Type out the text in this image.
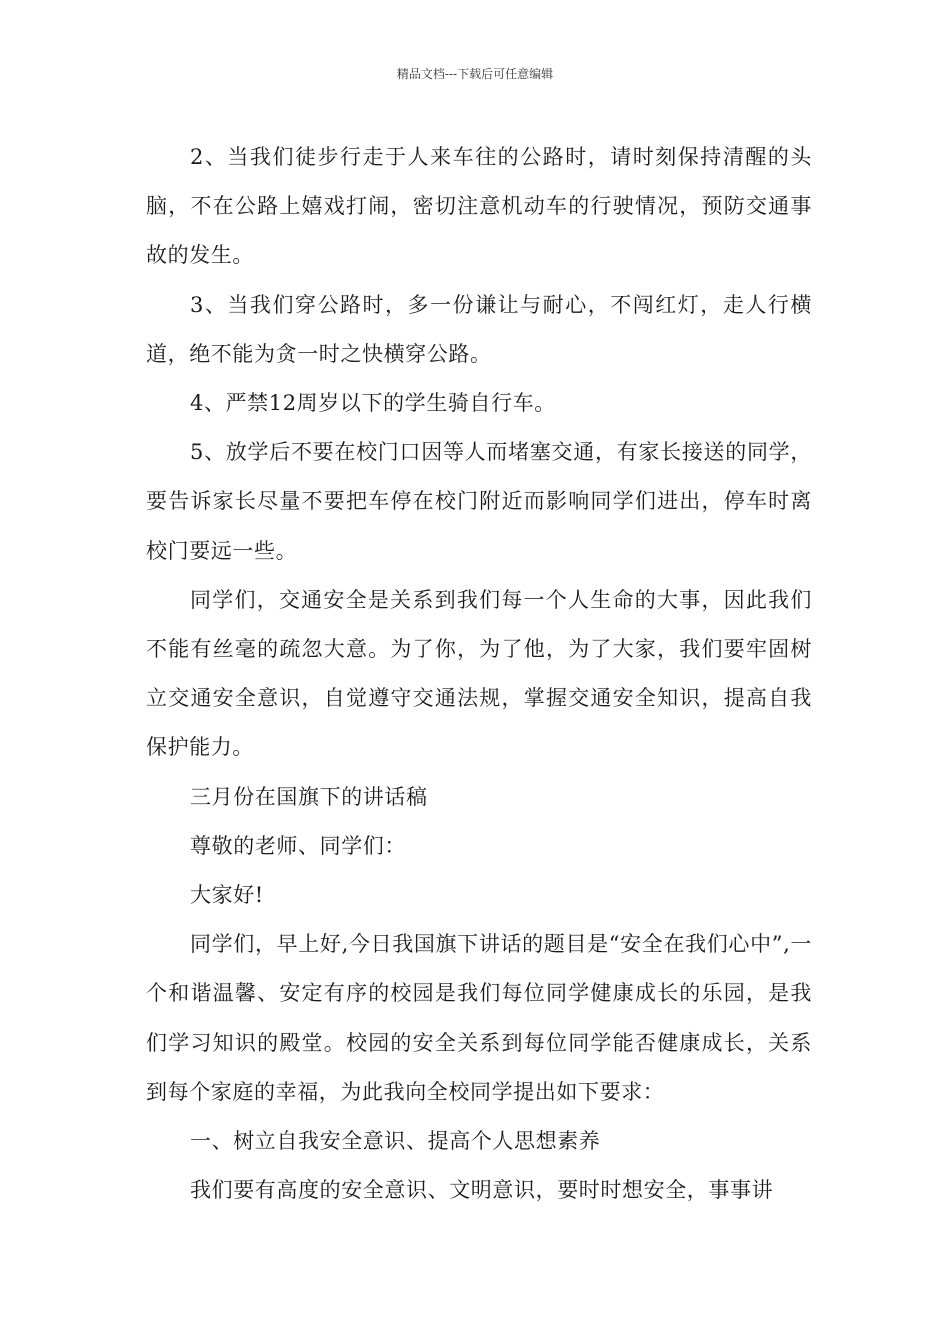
精品文档---下载后可任意编辑

2、当我们徒步行走于人来车往的公路时，请时刻保持清醒的头脑，不在公路上嬉戏打闹，密切注意机动车的行驶情况，预防交通事故的发生。

3、当我们穿公路时，多一份谦让与耐心，不闯红灯，走人行横道，绝不能为贪一时之快横穿公路。

4、严禁12周岁以下的学生骑自行车。

5、放学后不要在校门口因等人而堵塞交通，有家长接送的同学，要告诉家长尽量不要把车停在校门附近而影响同学们进出，停车时离校门要远一些。

同学们，交通安全是关系到我们每一个人生命的大事，因此我们不能有丝毫的疏忽大意。为了你，为了他，为了大家，我们要牢固树立交通安全意识，自觉遵守交通法规，掌握交通安全知识，提高自我保护能力。

三月份在国旗下的讲话稿

尊敬的老师、同学们：

大家好!

同学们，早上好,今日我国旗下讲话的题目是“安全在我们心中”,一个和谐温馨、安定有序的校园是我们每位同学健康成长的乐园，是我们学习知识的殿堂。校园的安全关系到每位同学能否健康成长，关系到每个家庭的幸福，为此我向全校同学提出如下要求：

一、树立自我安全意识、提高个人思想素养

我们要有高度的安全意识、文明意识，要时时想安全，事事讲
